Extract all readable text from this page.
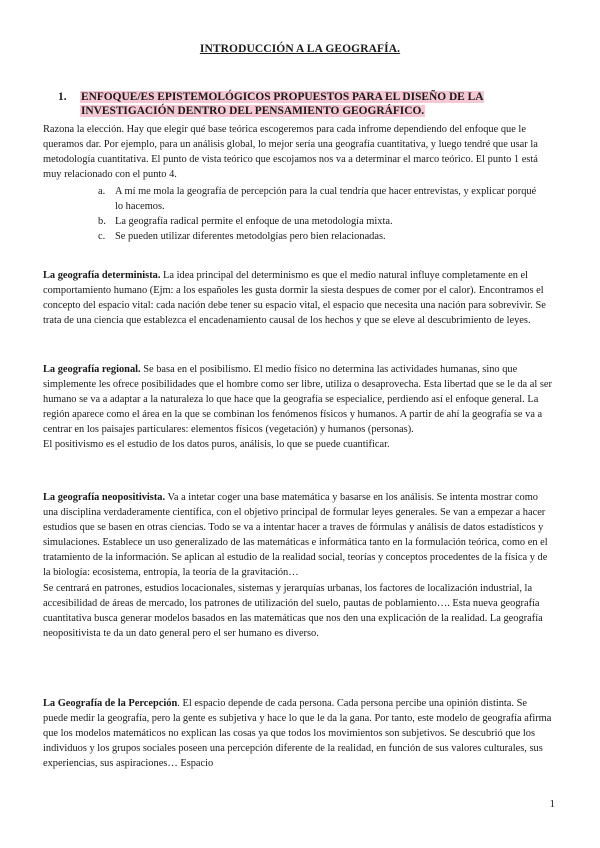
INTRODUCCIÓN A LA GEOGRAFÍA.
1. ENFOQUE/ES EPISTEMOLÓGICOS PROPUESTOS PARA EL DISEÑO DE LA
INVESTIGACIÓN DENTRO DEL PENSAMIENTO GEOGRÁFICO.

Razona la elección. Hay que elegir qué base teórica escogeremos para cada infrome dependiendo del enfoque que le queramos dar. Por ejemplo, para un análisis global, lo mejor sería una geografía cuantitativa, y luego tendré que usar la metodología cuantitativa. El punto de vista teórico que escojamos nos va a determinar el marco teórico. El punto 1 está muy relacionado con el punto 4.

a. A mí me mola la geografía de percepción para la cual tendría que hacer entrevistas, y explicar porqué lo hacemos.
b. La geografía radical permite el enfoque de una metodología mixta.
c. Se pueden utilizar diferentes metodolgías pero bien relacionadas.

La geografía determinista. La idea principal del determinismo es que el medio natural influye completamente en el comportamiento humano (Ejm: a los españoles les gusta dormir la siesta despues de comer por el calor). Encontramos el concepto del espacio vital: cada nación debe tener su espacio vital, el espacio que necesita una nación para sobrevivir. Se trata de una ciencia que establezca el encadenamiento causal de los hechos y que se eleve al descubrimiento de leyes.

La geografía regional. Se basa en el posibilismo. El medio físico no determina las actividades humanas, sino que simplemente les ofrece posibilidades que el hombre como ser libre, utiliza o desaprovecha. Esta libertad que se le da al ser humano se va a adaptar a la naturaleza lo que hace que la geografía se especialice, perdiendo así el enfoque general. La región aparece como el área en la que se combinan los fenómenos físicos y humanos. A partir de ahí la geografía se va a centrar en los paisajes particulares: elementos físicos (vegetación) y humanos (personas).

El positivismo es el estudio de los datos puros, análisis, lo que se puede cuantificar.

La geografía neopositivista. Va a intetar coger una base matemática y basarse en los análisis. Se intenta mostrar como una disciplina verdaderamente científica, con el objetivo principal de formular leyes generales. Se van a empezar a hacer estudios que se basen en otras ciencias. Todo se va a intentar hacer a traves de fórmulas y análisis de datos estadísticos y simulaciones. Establece un uso generalizado de las matemáticas e informática tanto en la formulación teórica, como en el tratamiento de la información. Se aplican al estudio de la realidad social, teorías y conceptos procedentes de la física y de la biología: ecosistema, entropía, la teoría de la gravitación…

Se centrará en patrones, estudios locacionales, sistemas y jerarquías urbanas, los factores de localización industrial, la accesibilidad de áreas de mercado, los patrones de utilización del suelo, pautas de poblamiento…. Esta nueva geografía cuantitativa busca generar modelos basados en las matemáticas que nos den una explicación de la realidad. La geografía neopositivista te da un dato general pero el ser humano es diverso.

La Geografía de la Percepción. El espacio depende de cada persona. Cada persona percibe una opinión distinta. Se puede medir la geografía, pero la gente es subjetiva y hace lo que le da la gana. Por tanto, este modelo de geografía afirma que los modelos matemáticos no explican las cosas ya que todos los movimientos son subjetivos. Se descubrió que los individuos y los grupos sociales poseen una percepción diferente de la realidad, en función de sus valores culturales, sus experiencias, sus aspiraciones… Espacio

1
